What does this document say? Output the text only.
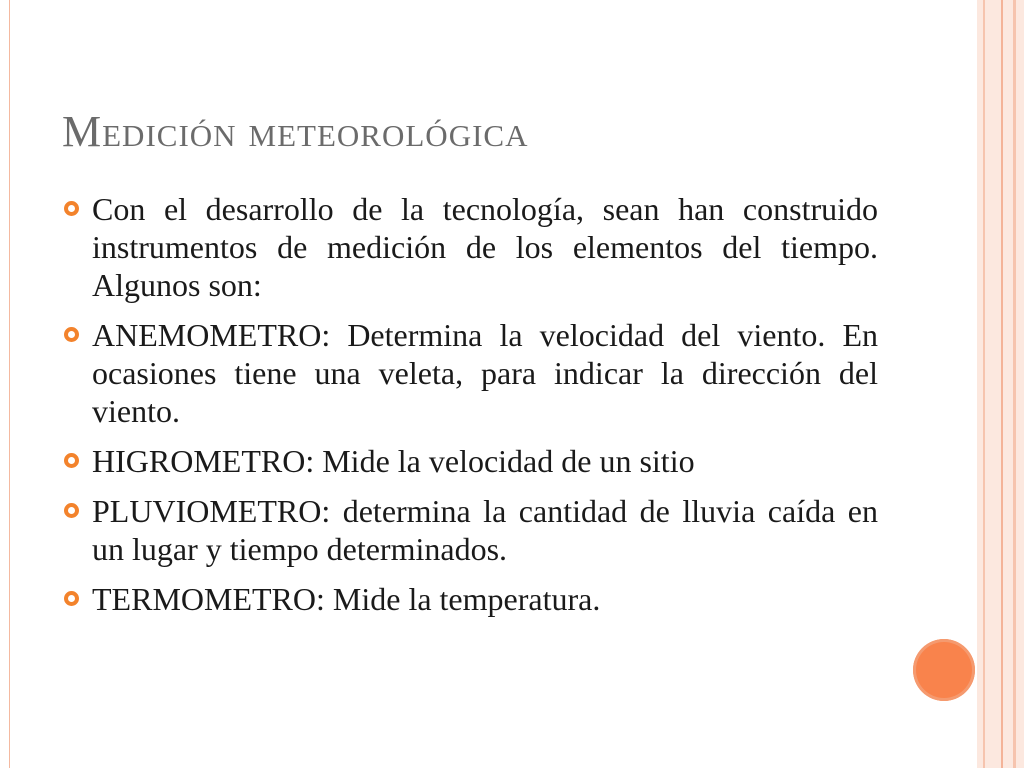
Medición meteorológica
Con el desarrollo de la tecnología, sean han construido instrumentos de medición de los elementos del tiempo. Algunos son:
ANEMOMETRO: Determina la velocidad del viento. En ocasiones tiene una veleta, para indicar la dirección del viento.
HIGROMETRO: Mide la velocidad de un sitio
PLUVIOMETRO: determina la cantidad de lluvia caída en un lugar y tiempo determinados.
TERMOMETRO: Mide la temperatura.
